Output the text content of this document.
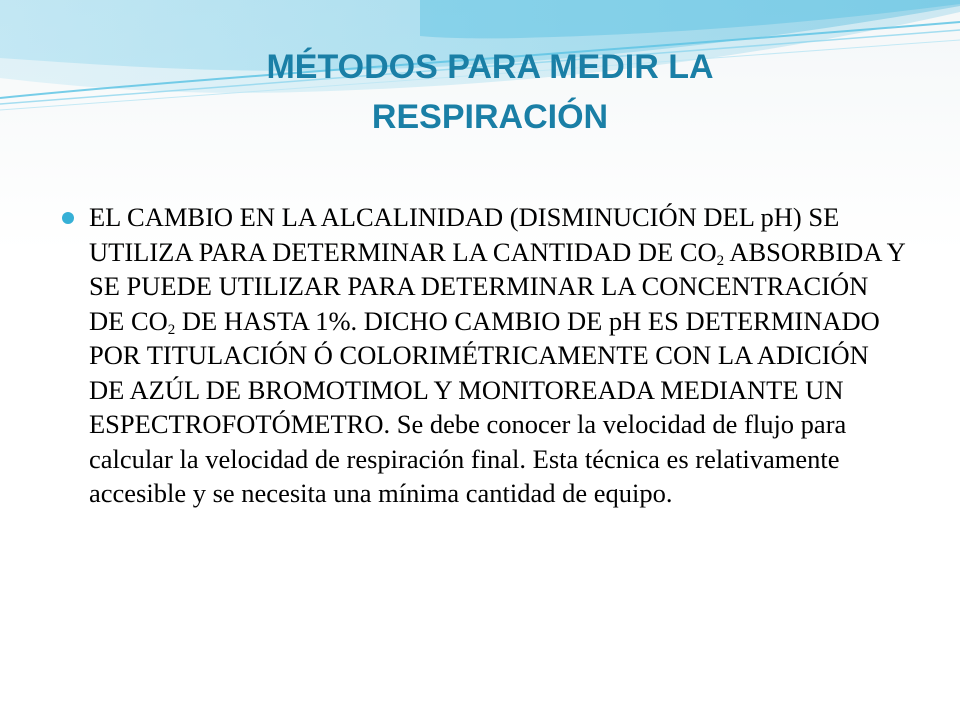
MÉTODOS PARA MEDIR LA
RESPIRACIÓN
EL CAMBIO EN LA ALCALINIDAD (DISMINUCIÓN DEL pH) SE UTILIZA PARA DETERMINAR LA CANTIDAD DE $CO_2$ ABSORBIDA Y SE PUEDE UTILIZAR PARA DETERMINAR LA CONCENTRACIÓN DE $CO_2$ DE HASTA 1%. DICHO CAMBIO DE pH ES DETERMINADO POR TITULACIÓN Ó COLORIMÉTRICAMENTE CON LA ADICIÓN DE AZÚL DE BROMOTIMOL Y MONITOREADA MEDIANTE UN ESPECTROFOTÓMETRO. Se debe conocer la velocidad de flujo para calcular la velocidad de respiración final. Esta técnica es relativamente accesible y se necesita una mínima cantidad de equipo.
